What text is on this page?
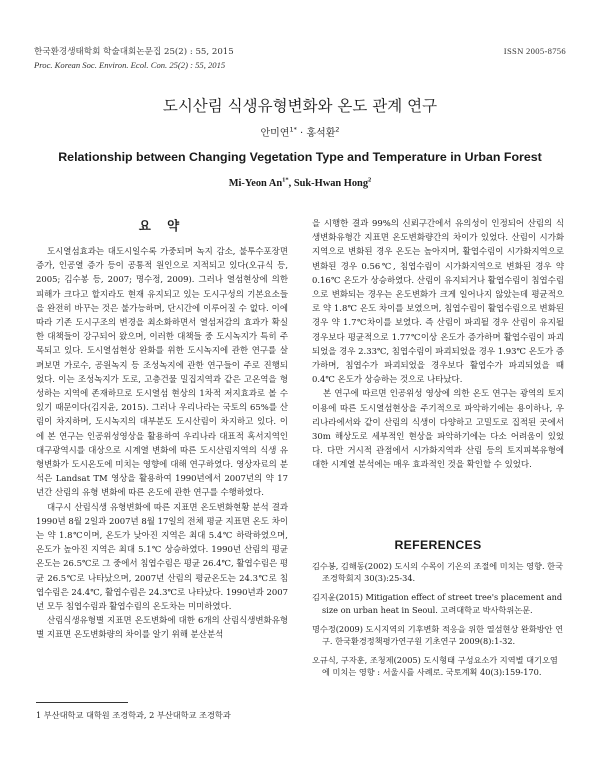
한국환경생태학회 학술대회논문집 25(2) : 55, 2015
Proc. Korean Soc. Environ. Ecol. Con. 25(2) : 55, 2015
ISSN 2005-8756
도시산림 식생유형변화와 온도 관계 연구
안미연$^{1*}$ · 홍석환$^2$
Relationship between Changing Vegetation Type and Temperature in Urban Forest
Mi-Yeon $An^{1*}$, Suk-Hwan Hong$^2$
요 약

도시열섬효과는 대도시일수록 가중되며 녹지 감소, 불투수포장면 증가, 인공열 증가 등이 공통적 원인으로 지적되고 있다(오규식 등, 2005; 김수봉 등, 2007; 명수정, 2009). 그러나 열섬현상에 의한 피해가 크다고 할지라도 현재 유지되고 있는 도시구성의 기본요소들을 완전히 바꾸는 것은 불가능하며, 단시간에 이루어질 수 없다. 이에 따라 기존 도시구조의 변경을 최소화하면서 열섬저감의 효과가 확실한 대책들이 강구되어 왔으며, 이러한 대책들 중 도시녹지가 특히 주목되고 있다. 도시열섬현상 완화를 위한 도시녹지에 관한 연구를 살펴보면 가로수, 공원녹지 등 조성녹지에 관한 연구들이 주로 진행되었다. 이는 조성녹지가 도로, 고층건물 밀집지역과 같은 고온역을 형성하는 지역에 존재하므로 도시열섬 현상의 1차적 저지효과로 볼 수 있기 때문이다(김지윤, 2015). 그러나 우리나라는 국토의 65%를 산림이 차지하며, 도시녹지의 대부분도 도시산림이 차지하고 있다. 이에 본 연구는 인공위성영상을 활용하여 우리나라 대표적 혹서지역인 대구광역시를 대상으로 시계열 변화에 따른 도시산림지역의 식생 유형변화가 도시온도에 미치는 영향에 대해 연구하였다. 영상자료의 분석은 Landsat TM 영상을 활용하여 1990년에서 2007년의 약 17년간 산림의 유형 변화에 따른 온도에 관한 연구를 수행하였다.

대구시 산림식생 유형변화에 따른 지표면 온도변화현황 분석 결과 1990년 8월 2일과 2007년 8월 17일의 전체 평균 지표면 온도 차이는 약 1.8℃이며, 온도가 낮아진 지역은 최대 5.4℃ 하락하였으며, 온도가 높아진 지역은 최대 5.1℃ 상승하였다. 1990년 산림의 평균온도는 26.5℃로 그 중에서 침엽수림은 평균 26.4℃, 활엽수림은 평균 26.5℃로 나타났으며, 2007년 산림의 평균온도는 24.3℃로 침엽수림은 24.4℃, 활엽수림은 24.3℃로 나타났다. 1990년과 2007년 모두 침엽수림과 활엽수림의 온도차는 미미하였다.

산림식생유형별 지표면 온도변화에 대한 6개의 산림식생변화유형별 지표면 온도변화량의 차이를 알기 위해 분산분석

을 시행한 결과 99%의 신뢰구간에서 유의성이 인정되어 산림의 식생변화유형간 지표면 온도변화량간의 차이가 있었다. 산림이 시가화지역으로 변화된 경우 온도는 높아지며, 활엽수림이 시가화지역으로 변화된 경우 0.56℃, 침엽수림이 시가화지역으로 변화된 경우 약 0.16℃ 온도가 상승하였다. 산림이 유지되거나 활엽수림이 침엽수림으로 변화되는 경우는 온도변화가 크게 일어나지 않았는데 평균적으로 약 1.8℃ 온도 차이를 보였으며, 침엽수림이 활엽수림으로 변화된 경우 약 1.7℃차이를 보였다. 즉 산림이 파괴될 경우 산림이 유지될 경우보다 평균적으로 1.77℃이상 온도가 증가하며 활엽수림이 파괴되었을 경우 2.33℃, 침엽수림이 파괴되었을 경우 1.93℃ 온도가 증가하며, 침엽수가 파괴되었을 경우보다 활엽수가 파괴되었을 때 0.4℃ 온도가 상승하는 것으로 나타났다.

본 연구에 따르면 인공위성 영상에 의한 온도 연구는 광역의 토지이용에 따른 도시열섬현상을 주기적으로 파악하기에는 용이하나, 우리나라에서와 같이 산림의 식생이 다양하고 고밀도로 집적된 곳에서 30m 해상도로 세부적인 현상을 파악하기에는 다소 어려움이 있었다. 다만 거시적 관점에서 시가화지역과 산림 등의 토지피복유형에 대한 시계열 분석에는 매우 효과적인 것을 확인할 수 있었다.

REFERENCES
김수봉, 김해동(2002) 도시의 수목이 기온의 조절에 미치는 영향. 한국조경학회지 30(3):25-34.
김지윤(2015) Mitigation effect of street tree's placement and size on urban heat in Seoul. 고려대학교 박사학위논문.
명수정(2009) 도시지역의 기후변화 적응을 위한 열섬현상 완화방안 연구. 한국환경정책평가연구원 기초연구 2009(8):1-32.
오규식, 구자훈, 조청제(2005) 도시형태 구성요소가 지역별 대기오염에 미치는 영향 : 서울시를 사례로. 국토계획 40(3):159-170.
1 부산대학교 대학원 조경학과, 2 부산대학교 조경학과
